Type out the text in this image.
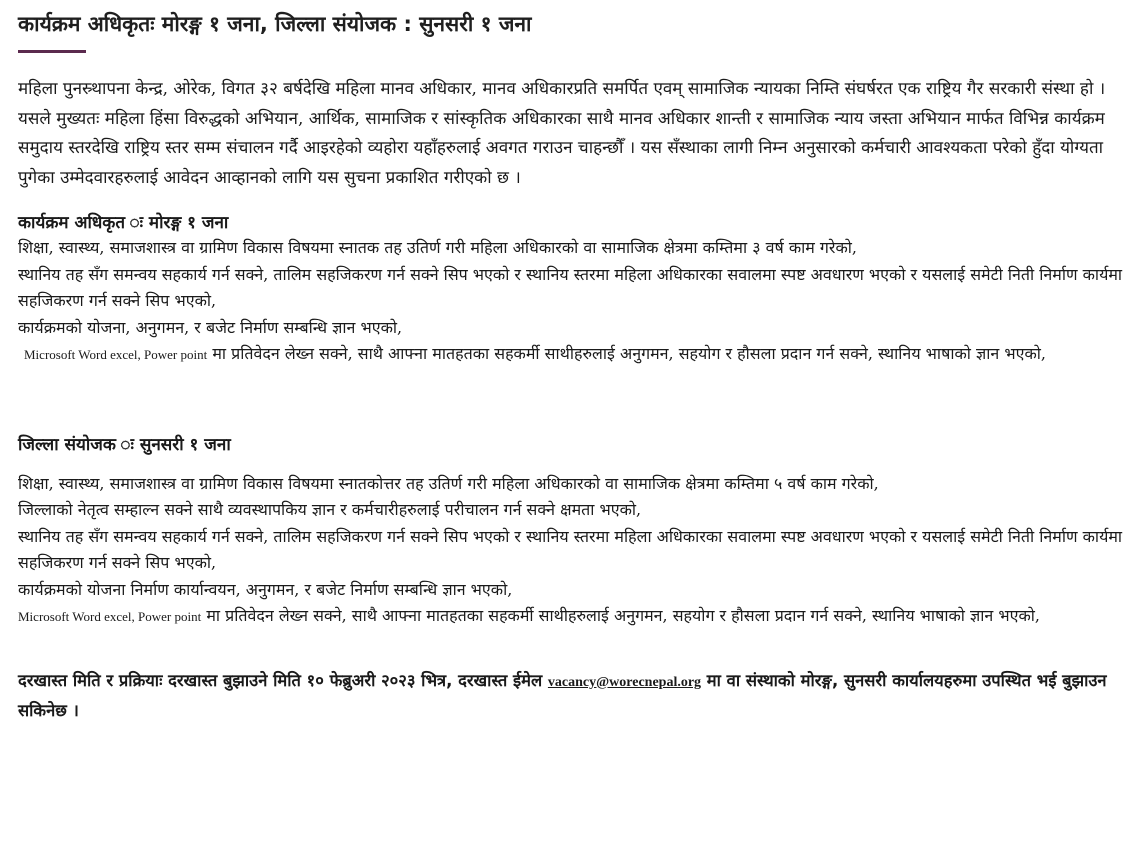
कार्यक्रम अधिकृतः मोरङ्ग १ जना, जिल्ला संयोजक : सुनसरी १ जना

महिला पुनस्र्थापना केन्द्र, ओरेक, विगत ३२ बर्षदेखि महिला मानव अधिकार, मानव अधिकारप्रति समर्पित एवम् सामाजिक न्यायका निम्ति संघर्षरत एक राष्ट्रिय गैर सरकारी संस्था हो । यसले मुख्यतः महिला हिंसा विरुद्धको अभियान, आर्थिक, सामाजिक र सांस्कृतिक अधिकारका साथै मानव अधिकार शान्ती र सामाजिक न्याय जस्ता अभियान मार्फत विभिन्न कार्यक्रम समुदाय स्तरदेखि राष्ट्रिय स्तर सम्म संचालन गर्दै आइरहेको व्यहोरा यहाँहरुलाई अवगत गराउन चाहन्छौँ । यस सँस्थाका लागी निम्न अनुसारको कर्मचारी आवश्यकता परेको हुँदा योग्यता पुगेका उम्मेदवारहरुलाई आवेदन आव्हानको लागि यस सुचना प्रकाशित गरीएको छ ।

कार्यक्रम अधिकृत ः मोरङ्ग १ जना

शिक्षा, स्वास्थ्य, समाजशास्त्र वा ग्रामिण विकास विषयमा स्नातक तह उतिर्ण गरी महिला अधिकारको वा सामाजिक क्षेत्रमा कम्तिमा ३ वर्ष काम गरेको,

स्थानिय तह सँग समन्वय सहकार्य गर्न सक्ने, तालिम सहजिकरण गर्न सक्ने सिप भएको र स्थानिय स्तरमा महिला अधिकारका सवालमा स्पष्ट अवधारण भएको र यसलाई समेटी निती निर्माण कार्यमा सहजिकरण गर्न सक्ने सिप भएको,

कार्यक्रमको योजना, अनुगमन, र बजेट निर्माण सम्बन्धि ज्ञान भएको,

Microsoft Word excel, Power point मा प्रतिवेदन लेख्न सक्ने, साथै आफ्ना मातहतका सहकर्मी साथीहरुलाई अनुगमन, सहयोग र हौसला प्रदान गर्न सक्ने, स्थानिय भाषाको ज्ञान भएको,

जिल्ला संयोजक ः सुनसरी १ जना

शिक्षा, स्वास्थ्य, समाजशास्त्र वा ग्रामिण विकास विषयमा स्नातकोत्तर तह उतिर्ण गरी महिला अधिकारको वा सामाजिक क्षेत्रमा कम्तिमा ५ वर्ष काम गरेको,

जिल्लाको नेतृत्व सम्हाल्न सक्ने साथै व्यवस्थापकिय ज्ञान र कर्मचारीहरुलाई परीचालन गर्न सक्ने क्षमता भएको,

स्थानिय तह सँग समन्वय सहकार्य गर्न सक्ने, तालिम सहजिकरण गर्न सक्ने सिप भएको र स्थानिय स्तरमा महिला अधिकारका सवालमा स्पष्ट अवधारण भएको र यसलाई समेटी निती निर्माण कार्यमा सहजिकरण गर्न सक्ने सिप भएको,

कार्यक्रमको योजना निर्माण कार्यान्वयन, अनुगमन, र बजेट निर्माण सम्बन्धि ज्ञान भएको,

Microsoft Word excel, Power point मा प्रतिवेदन लेख्न सक्ने, साथै आफ्ना मातहतका सहकर्मी साथीहरुलाई अनुगमन, सहयोग र हौसला प्रदान गर्न सक्ने, स्थानिय भाषाको ज्ञान भएको,

दरखास्त मिति र प्रक्रियाः दरखास्त बुझाउने मिति १० फेब्रुअरी २०२३ भित्र, दरखास्त ईमेल vacancy@worecnepal.org मा वा संस्थाको मोरङ्ग, सुनसरी कार्यालयहरुमा उपस्थित भई बुझाउन सकिनेछ ।
